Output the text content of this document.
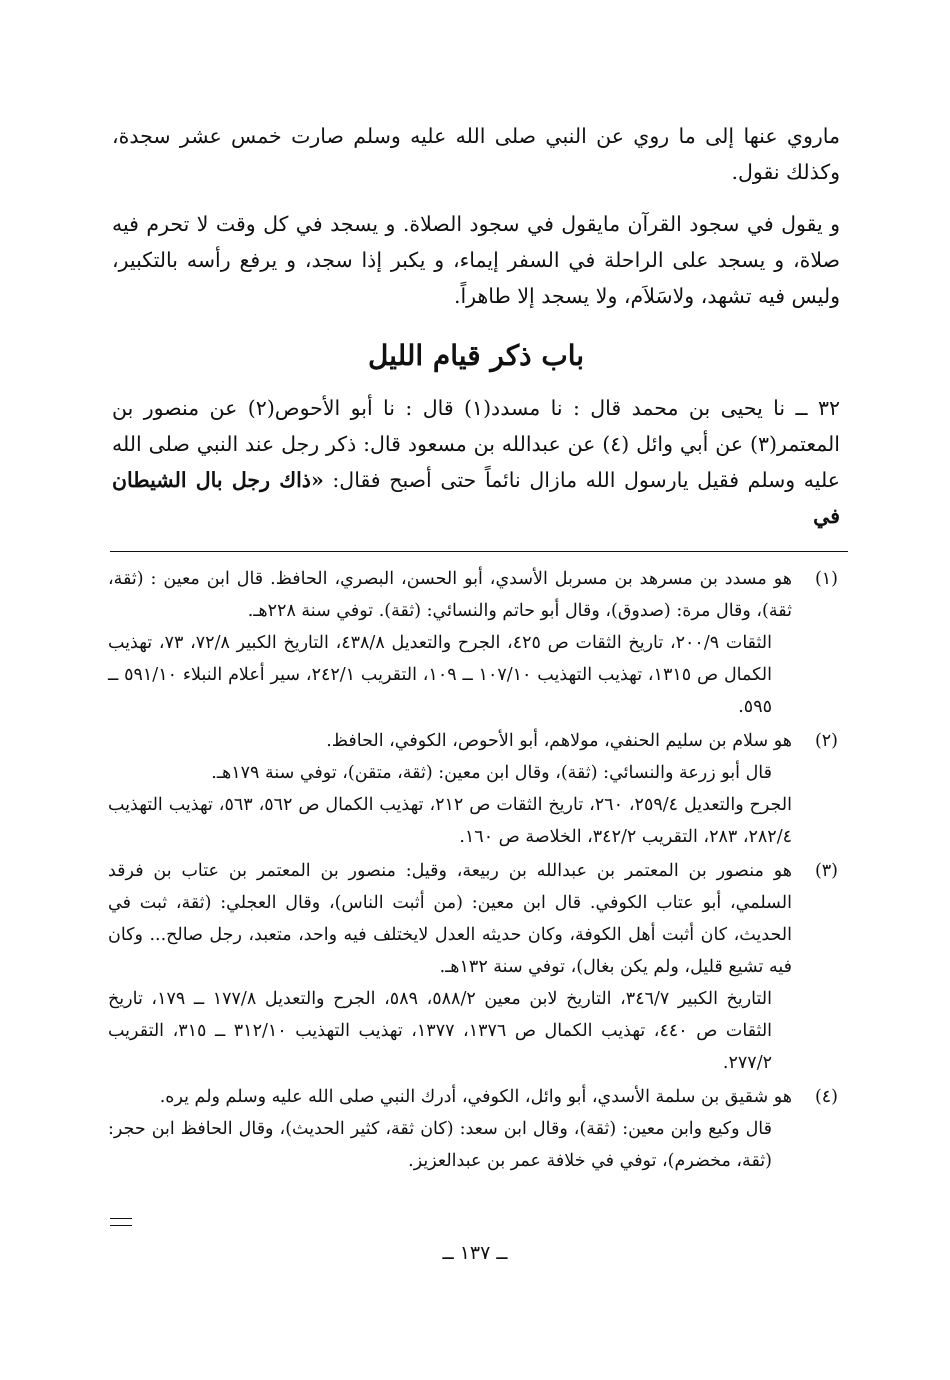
ماروي عنها إلى ما روي عن النبي صلى الله عليه وسلم صارت خمس عشر سجدة، وكذلك نقول.

و يقول في سجود القرآن مايقول في سجود الصلاة. و يسجد في كل وقت لا تحرم فيه صلاة، و يسجد على الراحلة في السفر إيماء، و يكبر إذا سجد، و يرفع رأسه بالتكبير، وليس فيه تشهد، ولاسَلاَم، ولا يسجد إلا طاهراً.

باب ذكر قيام الليل

٣٢ ــ نا يحيى بن محمد قال : نا مسدد(١) قال : نا أبو الأحوص(٢) عن منصور بن المعتمر(٣) عن أبي وائل (٤) عن عبدالله بن مسعود قال: ذكر رجل عند النبي صلى الله عليه وسلم فقيل يارسول الله مازال نائماً حتى أصبح فقال: «ذاك رجل بال الشيطان في

(١)
هو مسدد بن مسرهد بن مسربل الأسدي، أبو الحسن، البصري، الحافظ. قال ابن معين : (ثقة، ثقة)، وقال مرة: (صدوق)، وقال أبو حاتم والنسائي: (ثقة). توفي سنة ٢٢٨هـ.
الثقات ٢٠٠/٩، تاريخ الثقات ص ٤٢٥، الجرح والتعديل ٤٣٨/٨، التاريخ الكبير ٧٢/٨، ٧٣، تهذيب الكمال ص ١٣١٥، تهذيب التهذيب ١٠٧/١٠ ــ ١٠٩، التقريب ٢٤٢/١، سير أعلام النبلاء ٥٩١/١٠ ــ ٥٩٥.
(٢)
هو سلام بن سليم الحنفي، مولاهم، أبو الأحوص، الكوفي، الحافظ.
قال أبو زرعة والنسائي: (ثقة)، وقال ابن معين: (ثقة، متقن)، توفي سنة ١٧٩هـ.
الجرح والتعديل ٢٥٩/٤، ٢٦٠، تاريخ الثقات ص ٢١٢، تهذيب الكمال ص ٥٦٢، ٥٦٣، تهذيب التهذيب ٢٨٢/٤، ٢٨٣، التقريب ٣٤٢/٢، الخلاصة ص ١٦٠.
(٣)
هو منصور بن المعتمر بن عبدالله بن ربيعة، وقيل: منصور بن المعتمر بن عتاب بن فرقد السلمي، أبو عتاب الكوفي. قال ابن معين: (من أثبت الناس)، وقال العجلي: (ثقة، ثبت في الحديث، كان أثبت أهل الكوفة، وكان حديثه العدل لايختلف فيه واحد، متعبد، رجل صالح... وكان فيه تشيع قليل، ولم يكن بغال)، توفي سنة ١٣٢هـ.
التاريخ الكبير ٣٤٦/٧، التاريخ لابن معين ٥٨٨/٢، ٥٨٩، الجرح والتعديل ١٧٧/٨ ــ ١٧٩، تاريخ الثقات ص ٤٤٠، تهذيب الكمال ص ١٣٧٦، ١٣٧٧، تهذيب التهذيب ٣١٢/١٠ ــ ٣١٥، التقريب ٢٧٧/٢.
(٤)
هو شقيق بن سلمة الأسدي، أبو وائل، الكوفي، أدرك النبي صلى الله عليه وسلم ولم يره.
قال وكيع وابن معين: (ثقة)، وقال ابن سعد: (كان ثقة، كثير الحديث)، وقال الحافظ ابن حجر: (ثقة، مخضرم)، توفي في خلافة عمر بن عبدالعزيز.
ــ ١٣٧ ــ
